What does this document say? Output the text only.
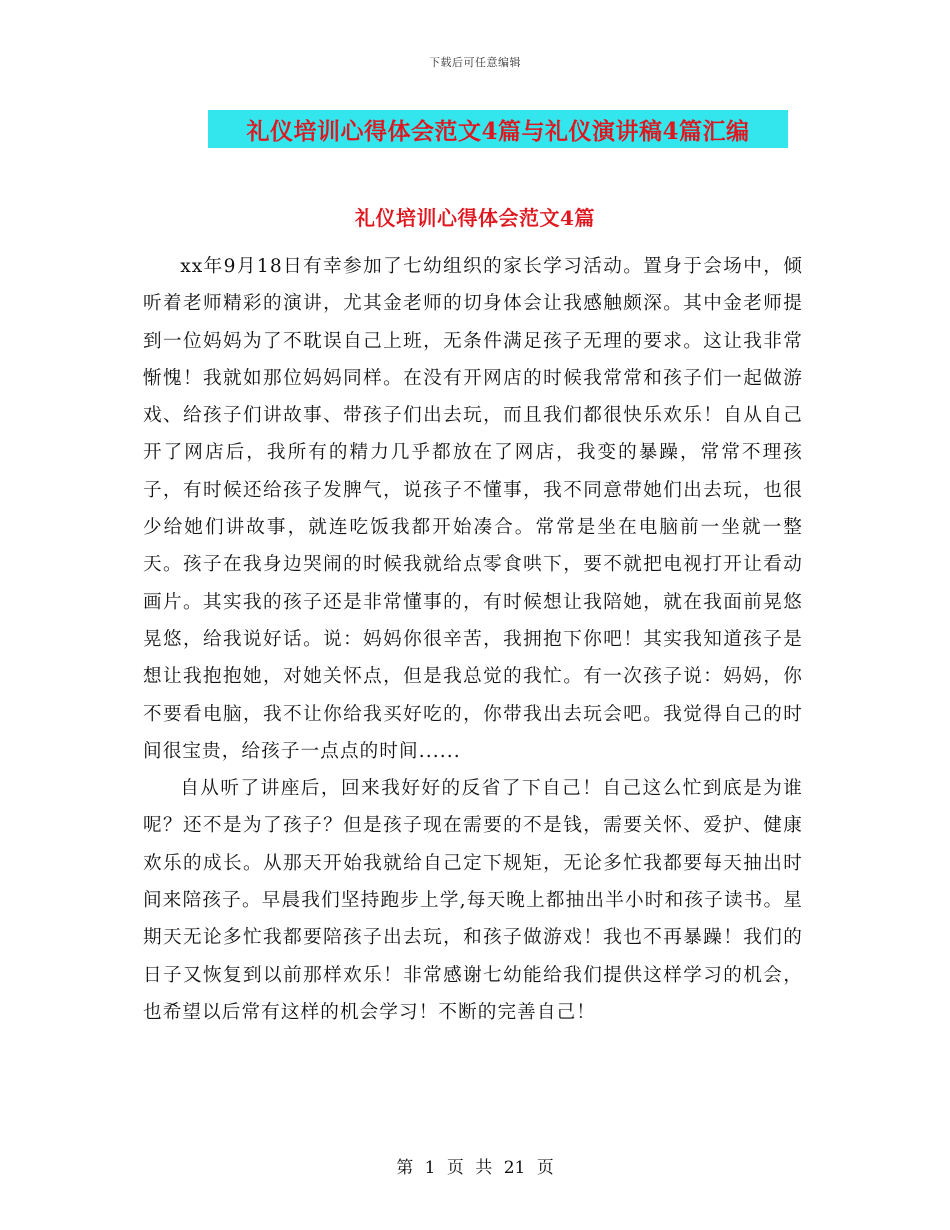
下载后可任意编辑
礼仪培训心得体会范文4篇与礼仪演讲稿4篇汇编
礼仪培训心得体会范文4篇

xx年9月18日有幸参加了七幼组织的家长学习活动。置身于会场中，倾听着老师精彩的演讲，尤其金老师的切身体会让我感触颇深。其中金老师提到一位妈妈为了不耽误自己上班，无条件满足孩子无理的要求。这让我非常惭愧！我就如那位妈妈同样。在没有开网店的时候我常常和孩子们一起做游戏、给孩子们讲故事、带孩子们出去玩，而且我们都很快乐欢乐！自从自己开了网店后，我所有的精力几乎都放在了网店，我变的暴躁，常常不理孩子，有时候还给孩子发脾气，说孩子不懂事，我不同意带她们出去玩，也很少给她们讲故事，就连吃饭我都开始凑合。常常是坐在电脑前一坐就一整天。孩子在我身边哭闹的时候我就给点零食哄下，要不就把电视打开让看动画片。其实我的孩子还是非常懂事的，有时候想让我陪她，就在我面前晃悠晃悠，给我说好话。说：妈妈你很辛苦，我拥抱下你吧！其实我知道孩子是想让我抱抱她，对她关怀点，但是我总觉的我忙。有一次孩子说：妈妈，你不要看电脑，我不让你给我买好吃的，你带我出去玩会吧。我觉得自己的时间很宝贵，给孩子一点点的时间......

自从听了讲座后，回来我好好的反省了下自己！自己这么忙到底是为谁呢？还不是为了孩子？但是孩子现在需要的不是钱，需要关怀、爱护、健康欢乐的成长。从那天开始我就给自己定下规矩，无论多忙我都要每天抽出时间来陪孩子。早晨我们坚持跑步上学,每天晚上都抽出半小时和孩子读书。星期天无论多忙我都要陪孩子出去玩，和孩子做游戏！我也不再暴躁！我们的日子又恢复到以前那样欢乐！非常感谢七幼能给我们提供这样学习的机会，也希望以后常有这样的机会学习！不断的完善自己！

第 1 页 共 21 页
